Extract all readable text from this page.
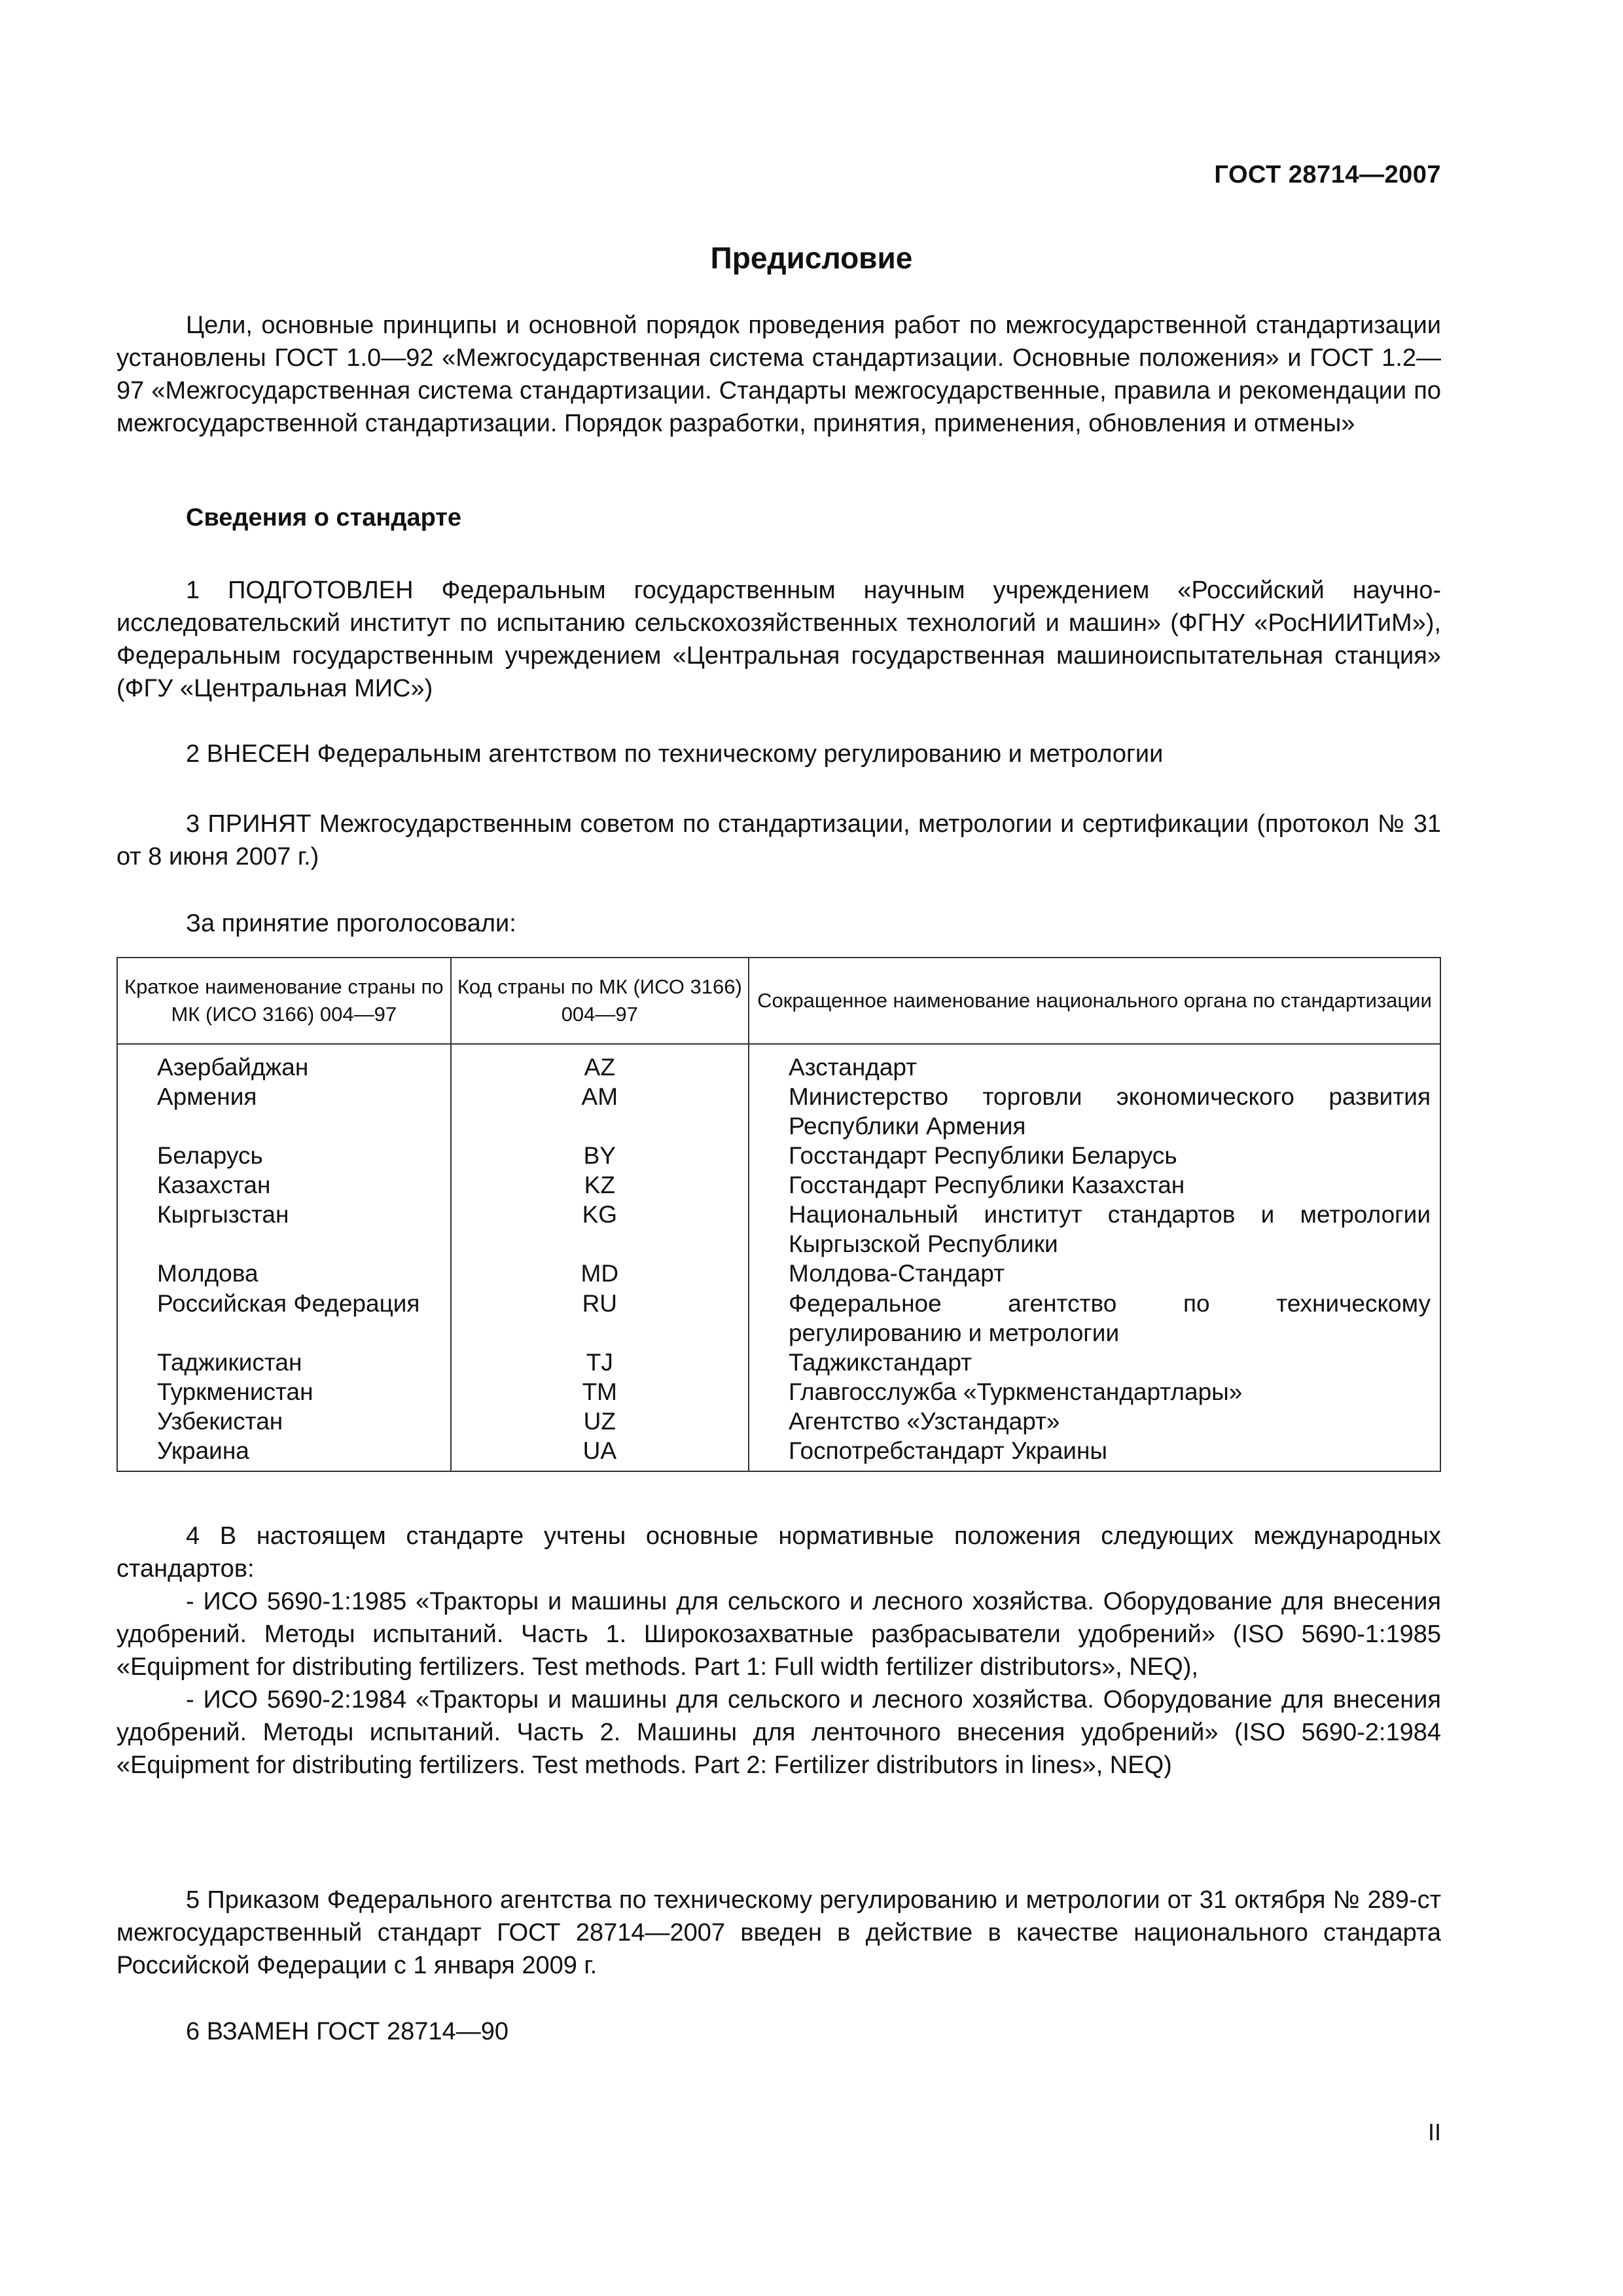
ГОСТ 28714—2007
Предисловие

Цели, основные принципы и основной порядок проведения работ по межгосударственной стандартизации установлены ГОСТ 1.0—92 «Межгосударственная система стандартизации. Основные положения» и ГОСТ 1.2—97 «Межгосударственная система стандартизации. Стандарты межгосударственные, правила и рекомендации по межгосударственной стандартизации. Порядок разработки, принятия, применения, обновления и отмены»

Сведения о стандарте

1 ПОДГОТОВЛЕН Федеральным государственным научным учреждением «Российский научно-исследовательский институт по испытанию сельскохозяйственных технологий и машин» (ФГНУ «РосНИИТиМ»), Федеральным государственным учреждением «Центральная государственная машиноиспытательная станция» (ФГУ «Центральная МИС»)

2 ВНЕСЕН Федеральным агентством по техническому регулированию и метрологии

3 ПРИНЯТ Межгосударственным советом по стандартизации, метрологии и сертификации (протокол № 31 от 8 июня 2007 г.)

За принятие проголосовали:
Краткое наименование страны по МК (ИСО 3166) 004—97	Код страны по МК (ИСО 3166) 004—97	Сокращенное наименование национального органа по стандартизации
Азербайджан	AZ	Азстандарт
Армения	AM	Министерство торговли экономического развития Республики Армения
Беларусь	BY	Госстандарт Республики Беларусь
Казахстан	KZ	Госстандарт Республики Казахстан
Кыргызстан	KG	Национальный институт стандартов и метрологии Кыргызской Республики
Молдова	MD	Молдова-Стандарт
Российская Федерация	RU	Федеральное агентство по техническому регулированию и метрологии
Таджикистан	TJ	Таджикстандарт
Туркменистан	TM	Главгосслужба «Туркменстандартлары»
Узбекистан	UZ	Агентство «Узстандарт»
Украина	UA	Госпотребстандарт Украины

4 В настоящем стандарте учтены основные нормативные положения следующих международных стандартов:

- ИСО 5690-1:1985 «Тракторы и машины для сельского и лесного хозяйства. Оборудование для внесения удобрений. Методы испытаний. Часть 1. Широкозахватные разбрасыватели удобрений» (ISO 5690-1:1985 «Equipment for distributing fertilizers. Test methods. Part 1: Full width fertilizer distributors», NEQ),

- ИСО 5690-2:1984 «Тракторы и машины для сельского и лесного хозяйства. Оборудование для внесения удобрений. Методы испытаний. Часть 2. Машины для ленточного внесения удобрений» (ISO 5690-2:1984 «Equipment for distributing fertilizers. Test methods. Part 2: Fertilizer distributors in lines», NEQ)

5 Приказом Федерального агентства по техническому регулированию и метрологии от 31 октября № 289-ст межгосударственный стандарт ГОСТ 28714—2007 введен в действие в качестве национального стандарта Российской Федерации с 1 января 2009 г.

6 ВЗАМЕН ГОСТ 28714—90
II
